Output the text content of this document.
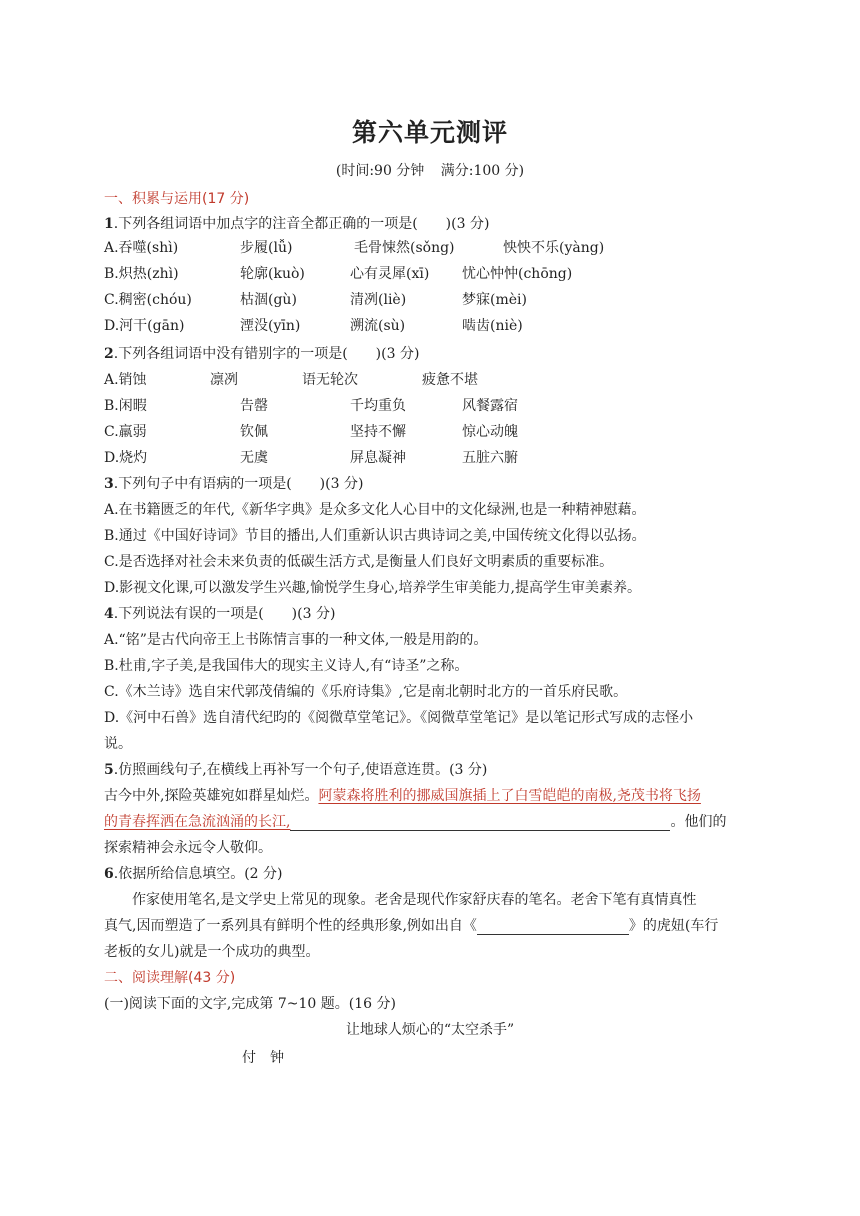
第六单元测评
(时间:90 分钟 满分:100 分)
一、积累与运用(17 分)
1.下列各组词语中加点字的注音全都正确的一项是(　　)(3 分)
A.吞噬(shì)	步履(lǚ)	毛骨悚然(sǒng)	怏怏不乐(yàng)
B.炽热(zhì)	轮廓(kuò)	心有灵犀(xī) 忧心忡忡(chōng)
C.稠密(chóu)	枯涸(gù)	清冽(liè)	梦寐(mèi)
D.河干(gān)	湮没(yīn)	溯流(sù)	啮齿(niè)
2.下列各组词语中没有错别字的一项是(　　)(3 分)
A.销蚀	凛冽	语无轮次	疲惫不堪
B.闲暇	告罄	千均重负	风餐露宿
C.羸弱	钦佩	坚持不懈	惊心动魄
D.烧灼	无虞	屏息凝神	五脏六腑
3.下列句子中有语病的一项是(　　)(3 分)
A.在书籍匮乏的年代,《新华字典》是众多文化人心目中的文化绿洲,也是一种精神慰藉。
B.通过《中国好诗词》节目的播出,人们重新认识古典诗词之美,中国传统文化得以弘扬。
C.是否选择对社会未来负责的低碳生活方式,是衡量人们良好文明素质的重要标准。
D.影视文化课,可以激发学生兴趣,愉悦学生身心,培养学生审美能力,提高学生审美素养。
4.下列说法有误的一项是(　　)(3 分)
A.“铭”是古代向帝王上书陈情言事的一种文体,一般是用韵的。
B.杜甫,字子美,是我国伟大的现实主义诗人,有“诗圣”之称。
C.《木兰诗》选自宋代郭茂倩编的《乐府诗集》,它是南北朝时北方的一首乐府民歌。
D.《河中石兽》选自清代纪昀的《阅微草堂笔记》。《阅微草堂笔记》是以笔记形式写成的志怪小
说。
5.仿照画线句子,在横线上再补写一个句子,使语意连贯。(3 分)
古今中外,探险英雄宛如群星灿烂。阿蒙森将胜利的挪威国旗插上了白雪皑皑的南极,尧茂书将飞扬
的青春挥洒在急流汹涌的长江,	。他们的
探索精神会永远令人敬仰。
6.依据所给信息填空。(2 分)
作家使用笔名,是文学史上常见的现象。老舍是现代作家舒庆春的笔名。老舍下笔有真情真性
真气,因而塑造了一系列具有鲜明个性的经典形象,例如出自《	》的虎妞(车行
老板的女儿)就是一个成功的典型。
二、阅读理解(43 分)
(一)阅读下面的文字,完成第 7~10 题。(16 分)
让地球人烦心的“太空杀手”
付　钟
